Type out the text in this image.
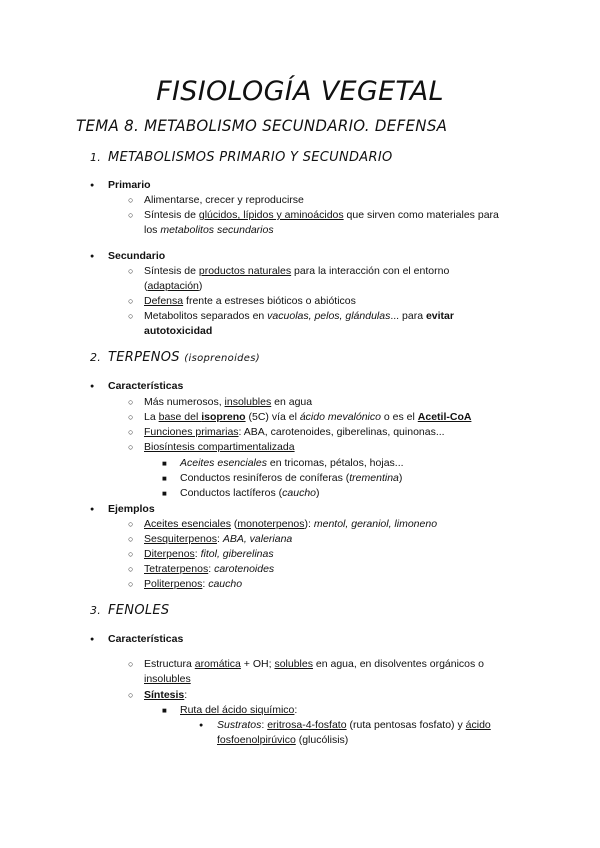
FISIOLOGÍA VEGETAL
TEMA 8. METABOLISMO SECUNDARIO. DEFENSA
1. METABOLISMOS PRIMARIO Y SECUNDARIO
Primario
○ Alimentarse, crecer y reproducirse
○ Síntesis de glúcidos, lípidos y aminoácidos que sirven como materiales para
los metabolitos secundarios
Secundario
○ Síntesis de productos naturales para la interacción con el entorno
(adaptación)
○ Defensa frente a estreses bióticos o abióticos
○ Metabolitos separados en vacuolas, pelos, glándulas... para evitar
autotoxicidad
2. TERPENOS (isoprenoides)
Características
○ Más numerosos, insolubles en agua
○ La base del isopreno (5C) vía el ácido mevalónico o es el Acetil-CoA
○ Funciones primarias: ABA, carotenoides, giberelinas, quinonas...
○ Biosíntesis compartimentalizada
■ Aceites esenciales en tricomas, pétalos, hojas...
■ Conductos resiníferos de coníferas (trementina)
■ Conductos lactíferos (caucho)
Ejemplos
○ Aceites esenciales (monoterpenos): mentol, geraniol, limoneno
○ Sesquiterpenos: ABA, valeriana
○ Diterpenos: fitol, giberelinas
○ Tetraterpenos: carotenoides
○ Politerpenos: caucho
3. FENOLES
Características
○ Estructura aromática + OH; solubles en agua, en disolventes orgánicos o
insolubles
○ Síntesis:
■ Ruta del ácido siquímico:
● Sustratos: eritrosa-4-fosfato (ruta pentosas fosfato) y ácido
fosfoenolpirúvico (glucólisis)
